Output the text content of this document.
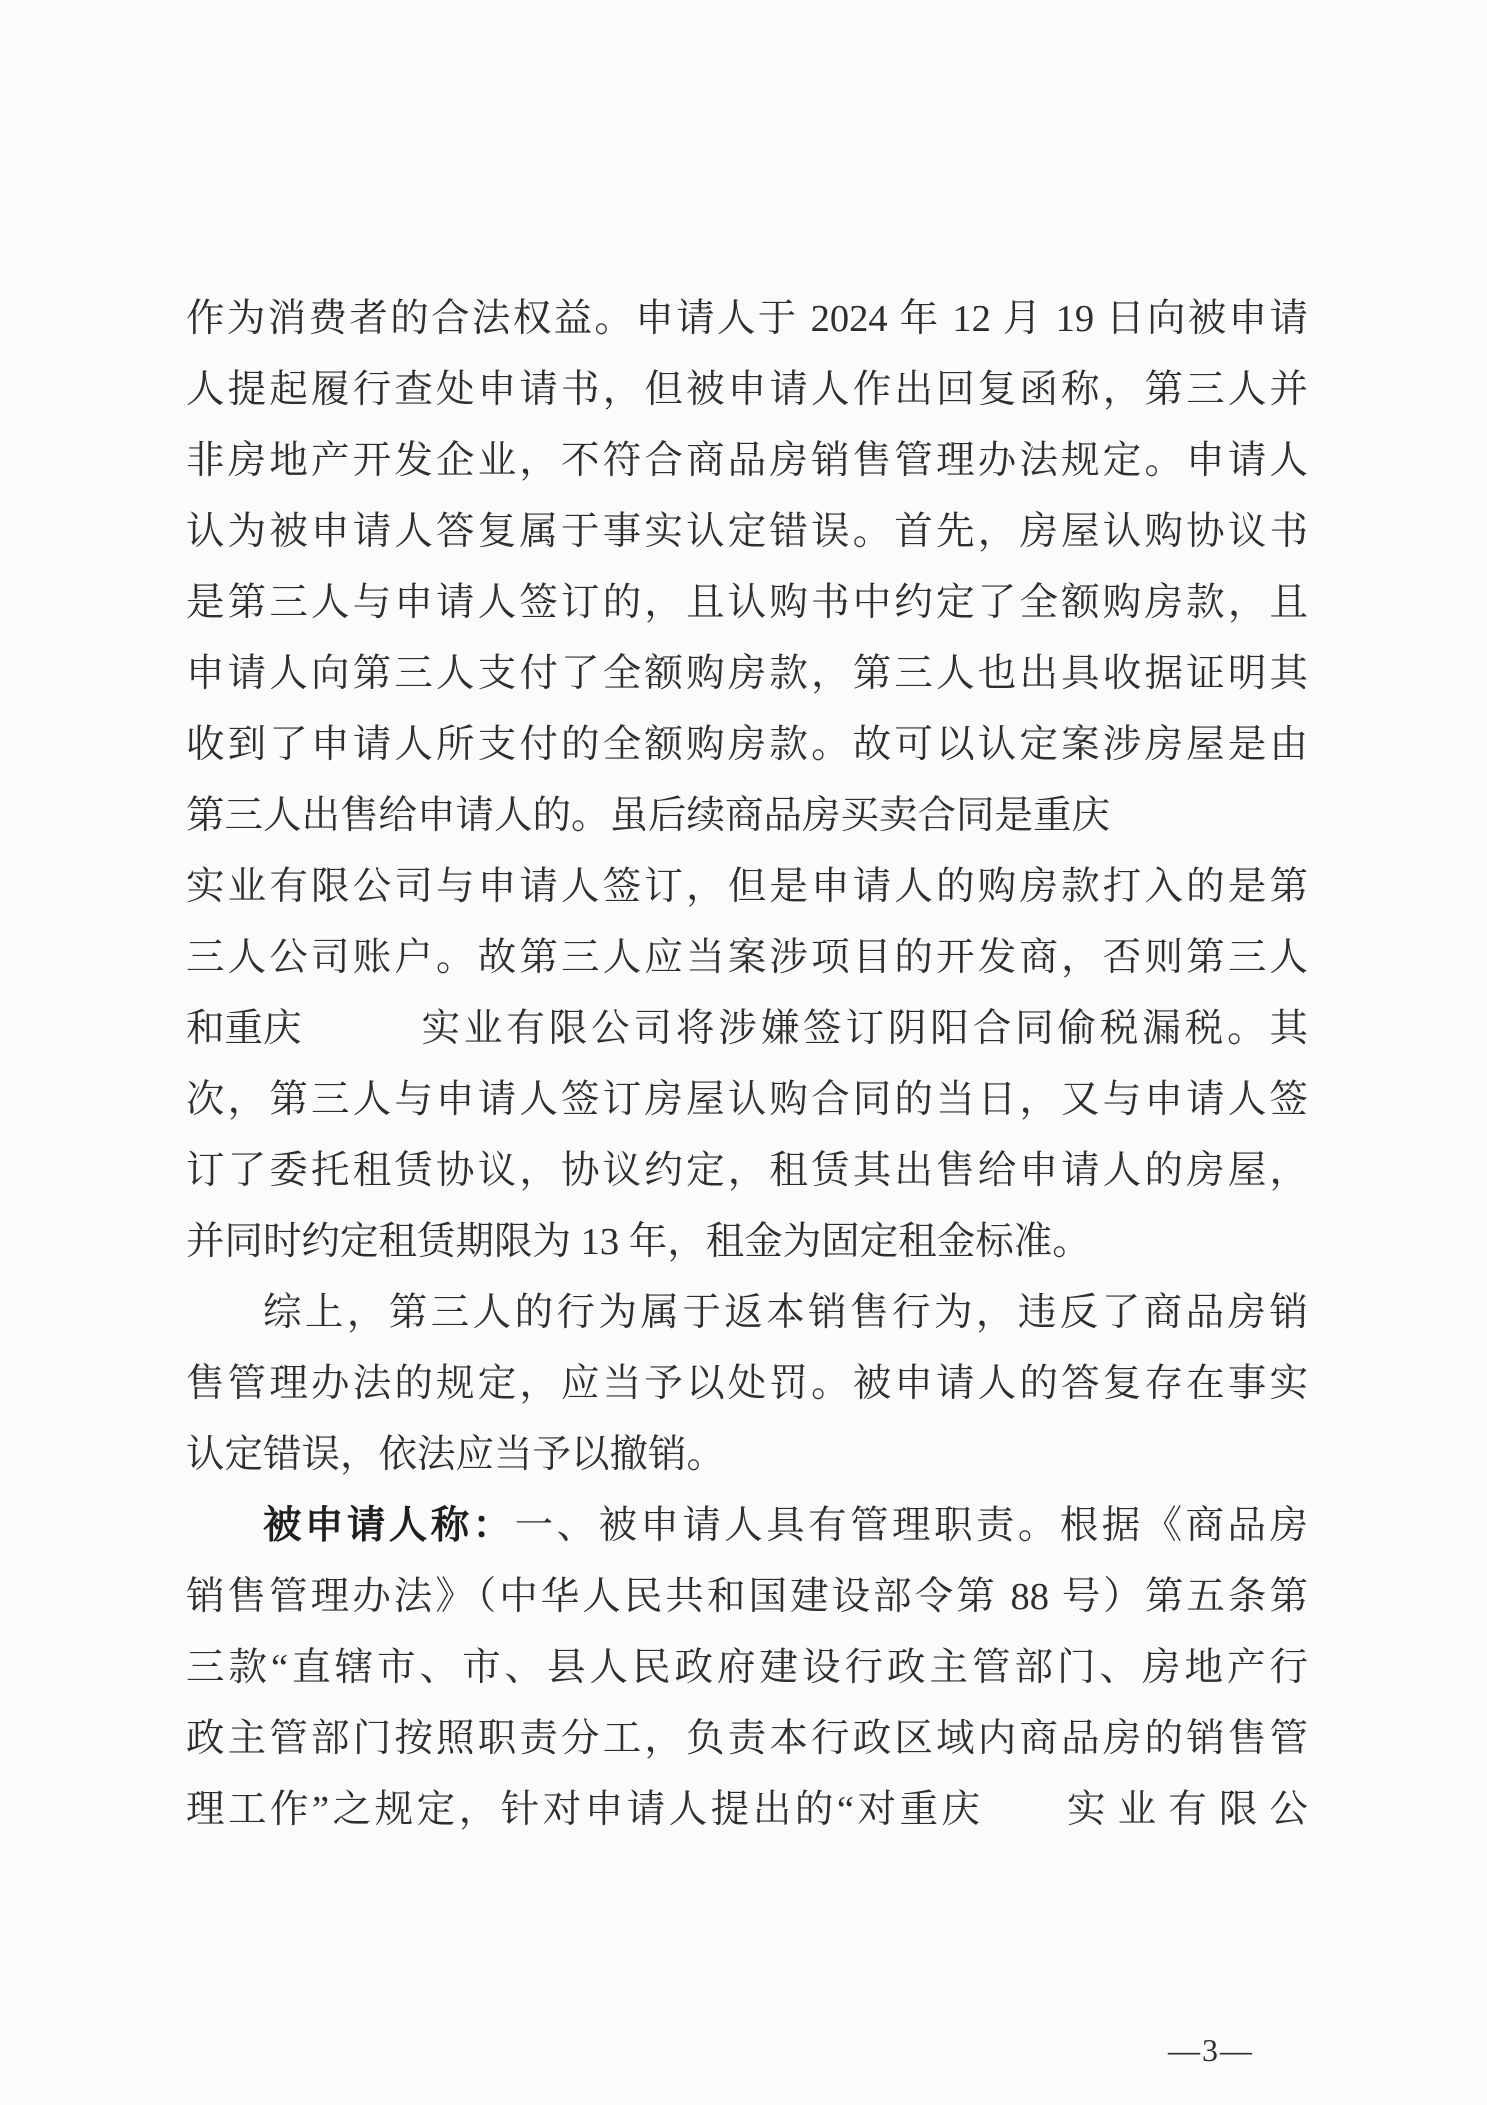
作为消费者的合法权益。申请人于 2024 年 12 月 19 日向被申请
人提起履行查处申请书，但被申请人作出回复函称，第三人并
非房地产开发企业，不符合商品房销售管理办法规定。申请人
认为被申请人答复属于事实认定错误。首先，房屋认购协议书
是第三人与申请人签订的，且认购书中约定了全额购房款，且
申请人向第三人支付了全额购房款，第三人也出具收据证明其
收到了申请人所支付的全额购房款。故可以认定案涉房屋是由
第三人出售给申请人的。虽后续商品房买卖合同是重庆
实业有限公司与申请人签订，但是申请人的购房款打入的是第
三人公司账户。故第三人应当案涉项目的开发商，否则第三人
和重庆	实业有限公司将涉嫌签订阴阳合同偷税漏税。其
次，第三人与申请人签订房屋认购合同的当日，又与申请人签
订了委托租赁协议，协议约定，租赁其出售给申请人的房屋，
并同时约定租赁期限为 13 年，租金为固定租金标准。
综上，第三人的行为属于返本销售行为，违反了商品房销
售管理办法的规定，应当予以处罚。被申请人的答复存在事实
认定错误，依法应当予以撤销。
被申请人称：一、被申请人具有管理职责。根据《商品房
销售管理办法》（中华人民共和国建设部令第 88 号）第五条第
三款“直辖市、市、县人民政府建设行政主管部门、房地产行
政主管部门按照职责分工，负责本行政区域内商品房的销售管
理工作”之规定，针对申请人提出的“对重庆 实业有限公
—3—
